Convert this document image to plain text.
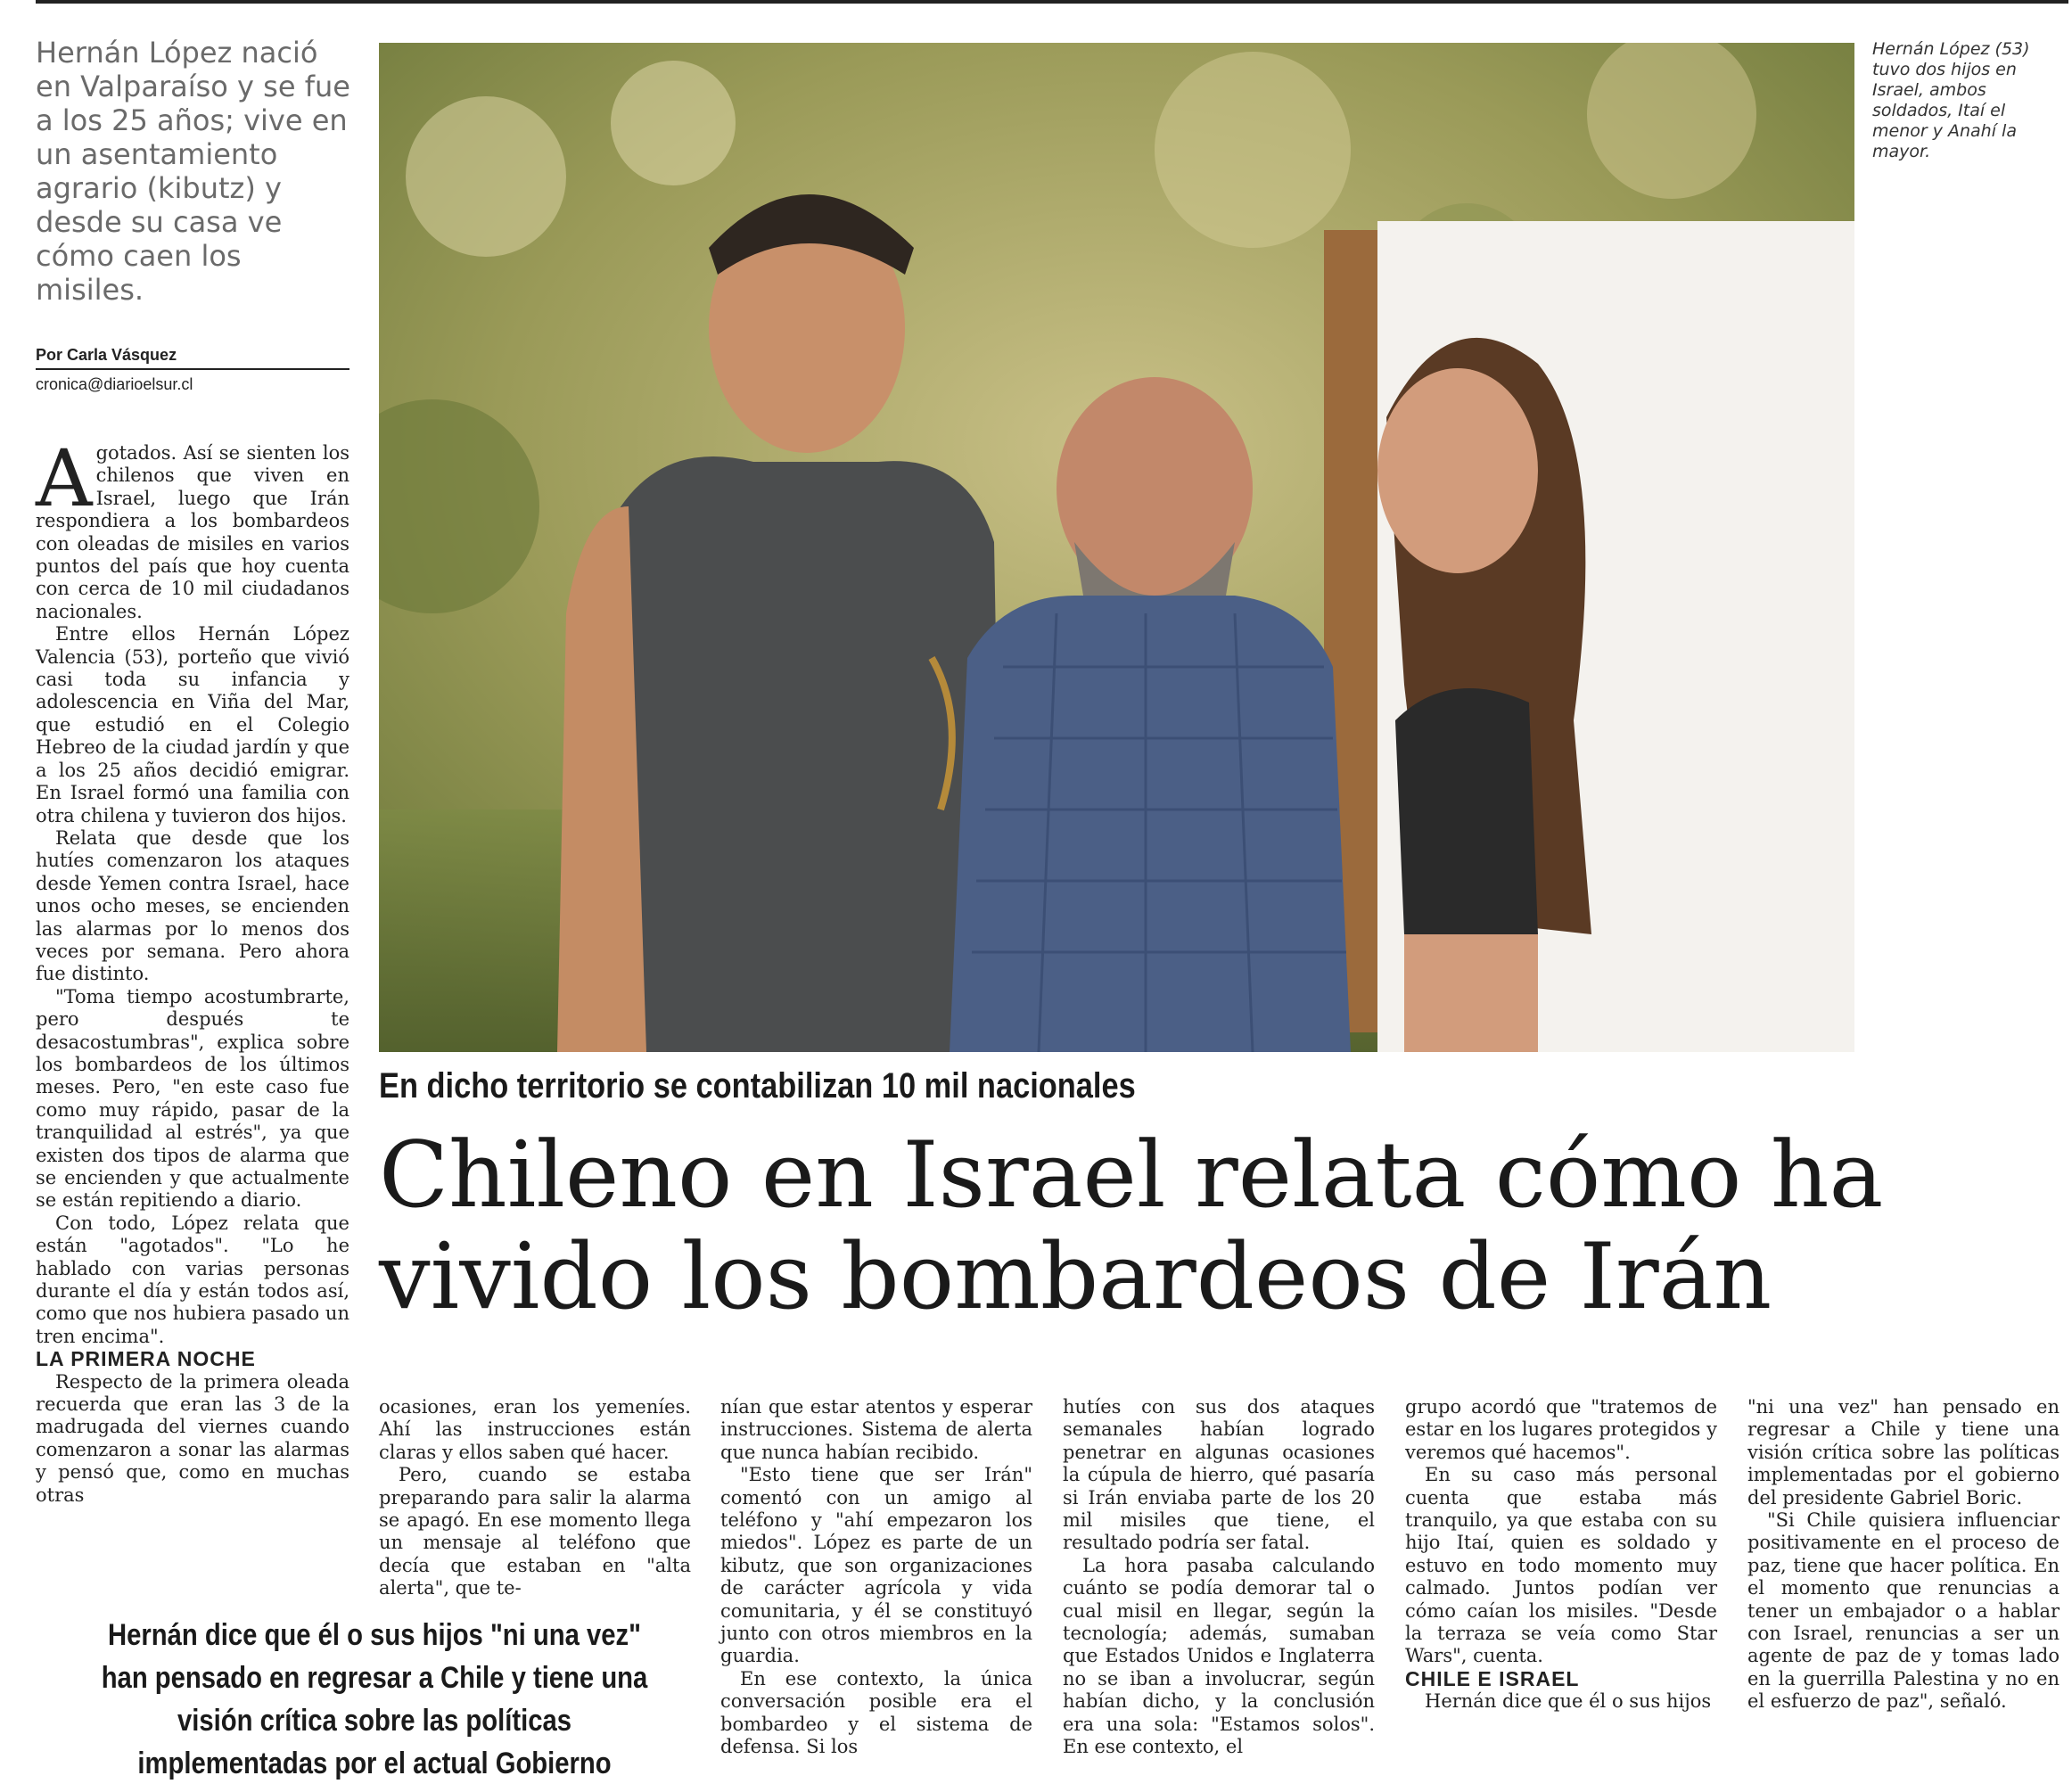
Hernán López nació en Valparaíso y se fue a los 25 años; vive en un asentamiento agrario (kibutz) y desde su casa ve cómo caen los misiles.

Por Carla Vásquez
cronica@diarioelsur.cl

Agotados. Así se sienten los chilenos que viven en Israel, luego que Irán respondiera a los bombardeos con oleadas de misiles en varios puntos del país que hoy cuenta con cerca de 10 mil ciudadanos nacionales.

Entre ellos Hernán López Valencia (53), porteño que vivió casi toda su infancia y adolescencia en Viña del Mar, que estudió en el Colegio Hebreo de la ciudad jardín y que a los 25 años decidió emigrar. En Israel formó una familia con otra chilena y tuvieron dos hijos.

Relata que desde que los hutíes comenzaron los ataques desde Yemen contra Israel, hace unos ocho meses, se encienden las alarmas por lo menos dos veces por semana. Pero ahora fue distinto.

"Toma tiempo acostumbrarte, pero después te desacostumbras", explica sobre los bombardeos de los últimos meses. Pero, "en este caso fue como muy rápido, pasar de la tranquilidad al estrés", ya que existen dos tipos de alarma que se encienden y que actualmente se están repitiendo a diario.

Con todo, López relata que están "agotados". "Lo he hablado con varias personas durante el día y están todos así, como que nos hubiera pasado un tren encima".

LA PRIMERA NOCHE

Respecto de la primera oleada recuerda que eran las 3 de la madrugada del viernes cuando comenzaron a sonar las alarmas y pensó que, como en muchas otras

Hernán López (53) tuvo dos hijos en Israel, ambos soldados, Itaí el menor y Anahí la mayor.
En dicho territorio se contabilizan 10 mil nacionales
Chileno en Israel relata cómo ha
vivido los bombardeos de Irán

ocasiones, eran los yemeníes. Ahí las instrucciones están claras y ellos saben qué hacer.

Pero, cuando se estaba preparando para salir la alarma se apagó. En ese momento llega un mensaje al teléfono que decía que estaban en "alta alerta", que te-

Hernán dice que él o sus hijos "ni una vez" han pensado en regresar a Chile y tiene una visión crítica sobre las políticas implementadas por el actual Gobierno

nían que estar atentos y esperar instrucciones. Sistema de alerta que nunca habían recibido.

"Esto tiene que ser Irán" comentó con un amigo al teléfono y "ahí empezaron los miedos". López es parte de un kibutz, que son organizaciones de carácter agrícola y vida comunitaria, y él se constituyó junto con otros miembros en la guardia.

En ese contexto, la única conversación posible era el bombardeo y el sistema de defensa. Si los

hutíes con sus dos ataques semanales habían logrado penetrar en algunas ocasiones la cúpula de hierro, qué pasaría si Irán enviaba parte de los 20 mil misiles que tiene, el resultado podría ser fatal.

La hora pasaba calculando cuánto se podía demorar tal o cual misil en llegar, según la tecnología; además, sumaban que Estados Unidos e Inglaterra no se iban a involucrar, según habían dicho, y la conclusión era una sola: "Estamos solos". En ese contexto, el

grupo acordó que "tratemos de estar en los lugares protegidos y veremos qué hacemos".

En su caso más personal cuenta que estaba más tranquilo, ya que estaba con su hijo Itaí, quien es soldado y estuvo en todo momento muy calmado. Juntos podían ver cómo caían los misiles. "Desde la terraza se veía como Star Wars", cuenta.

CHILE E ISRAEL

Hernán dice que él o sus hijos

"ni una vez" han pensado en regresar a Chile y tiene una visión crítica sobre las políticas implementadas por el gobierno del presidente Gabriel Boric.

"Si Chile quisiera influenciar positivamente en el proceso de paz, tiene que hacer política. En el momento que renuncias a tener un embajador o a hablar con Israel, renuncias a ser un agente de paz de y tomas lado en la guerrilla Palestina y no en el esfuerzo de paz", señaló.
